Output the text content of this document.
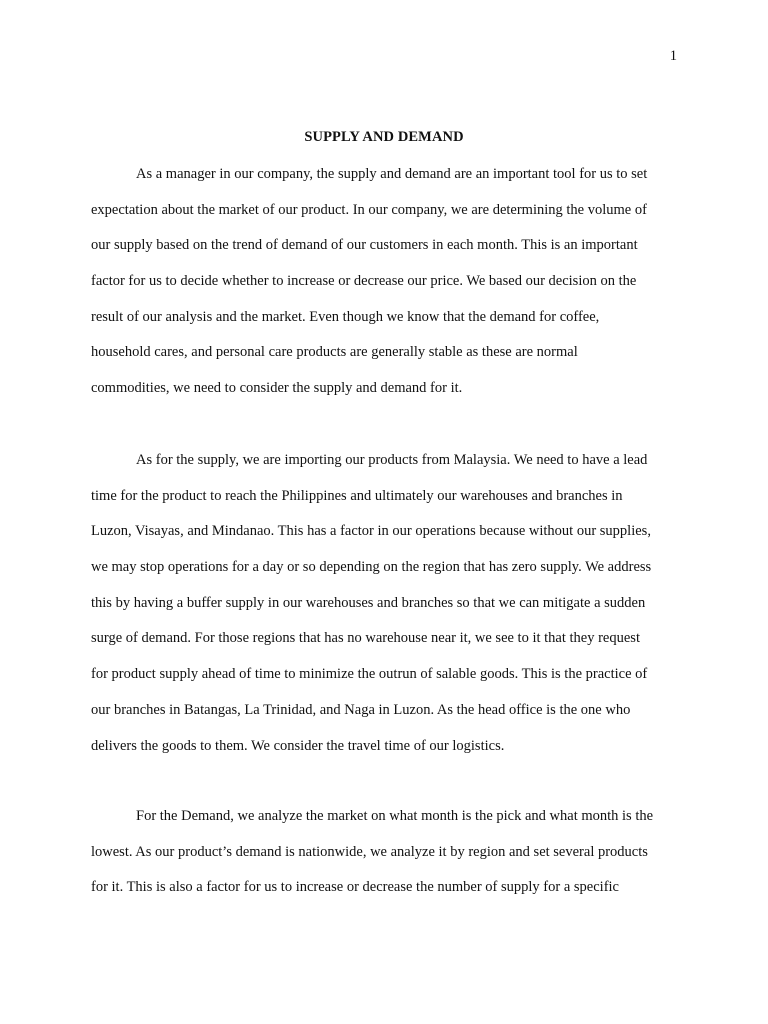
1
SUPPLY AND DEMAND
As a manager in our company, the supply and demand are an important tool for us to set
expectation about the market of our product. In our company, we are determining the volume of
our supply based on the trend of demand of our customers in each month. This is an important
factor for us to decide whether to increase or decrease our price. We based our decision on the
result of our analysis and the market. Even though we know that the demand for coffee,
household cares, and personal care products are generally stable as these are normal
commodities, we need to consider the supply and demand for it.
As for the supply, we are importing our products from Malaysia. We need to have a lead
time for the product to reach the Philippines and ultimately our warehouses and branches in
Luzon, Visayas, and Mindanao. This has a factor in our operations because without our supplies,
we may stop operations for a day or so depending on the region that has zero supply. We address
this by having a buffer supply in our warehouses and branches so that we can mitigate a sudden
surge of demand. For those regions that has no warehouse near it, we see to it that they request
for product supply ahead of time to minimize the outrun of salable goods. This is the practice of
our branches in Batangas, La Trinidad, and Naga in Luzon. As the head office is the one who
delivers the goods to them. We consider the travel time of our logistics.
For the Demand, we analyze the market on what month is the pick and what month is the
lowest. As our product’s demand is nationwide, we analyze it by region and set several products
for it. This is also a factor for us to increase or decrease the number of supply for a specific
